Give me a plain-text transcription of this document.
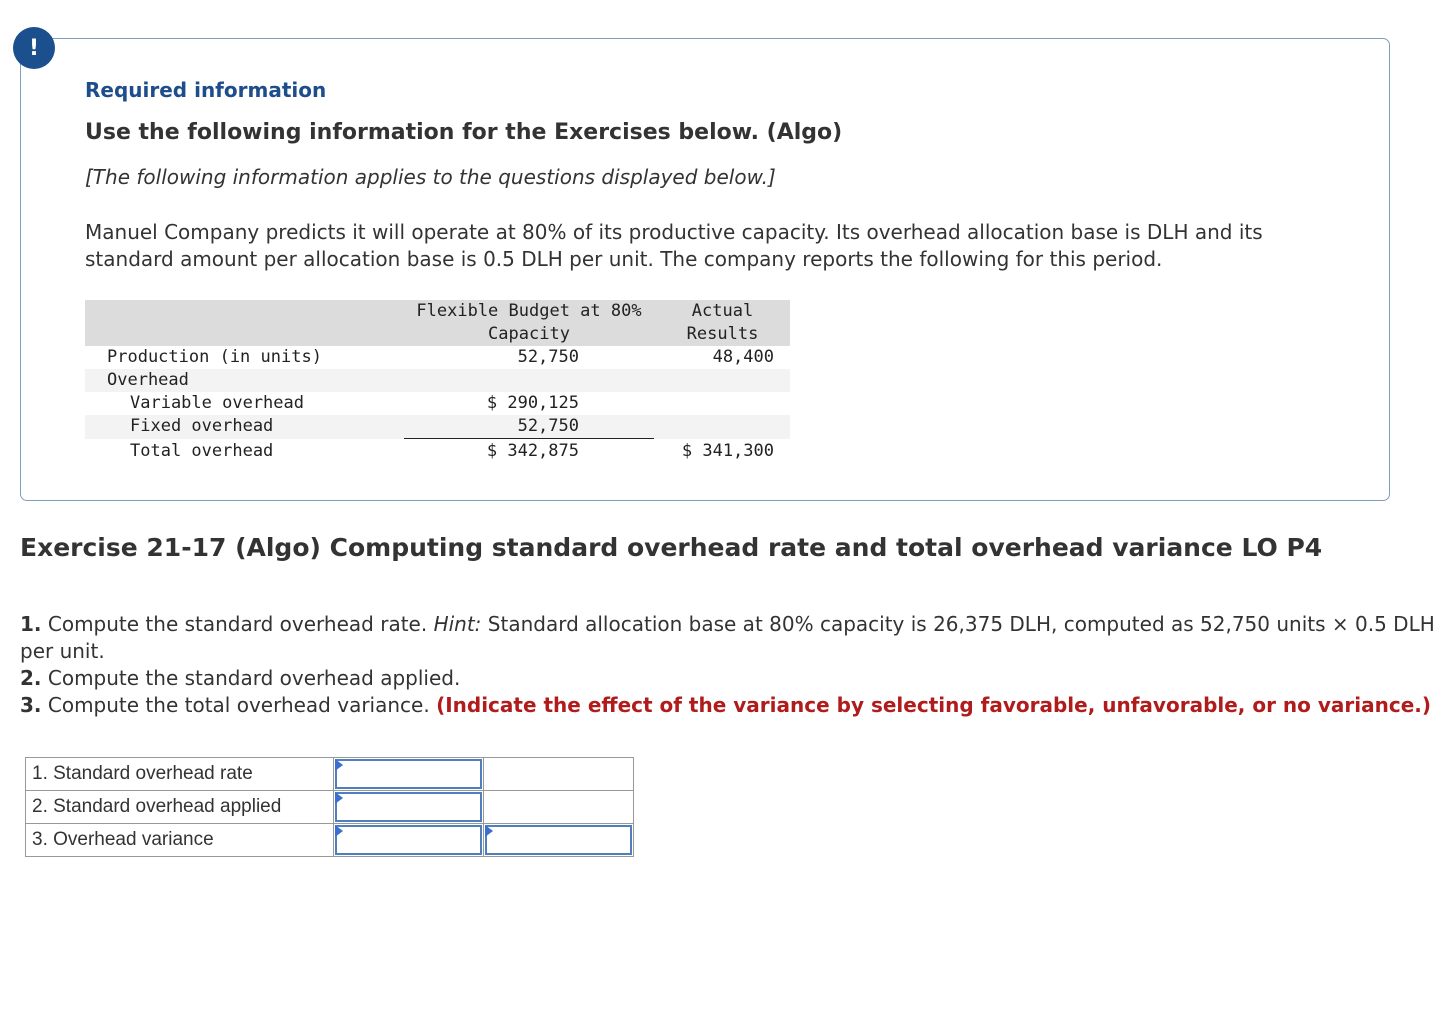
!
Required information
Use the following information for the Exercises below. (Algo)
[The following information applies to the questions displayed below.]
Manuel Company predicts it will operate at 80% of its productive capacity. Its overhead allocation base is DLH and its standard amount per allocation base is 0.5 DLH per unit. The company reports the following for this period.
Flexible Budget at 80%
Capacity
Actual
Results
Production (in units)	52,750	48,400
Overhead
Variable overhead	$ 290,125
Fixed overhead	52,750
Total overhead	$ 342,875	$ 341,300
Exercise 21-17 (Algo) Computing standard overhead rate and total overhead variance LO P4
1. Compute the standard overhead rate. Hint: Standard allocation base at 80% capacity is 26,375 DLH, computed as 52,750 units × 0.5 DLH per unit.
2. Compute the standard overhead applied.
3. Compute the total overhead variance. (Indicate the effect of the variance by selecting favorable, unfavorable, or no variance.)
1. Standard overhead rate	

2. Standard overhead applied	

3. Overhead variance	
